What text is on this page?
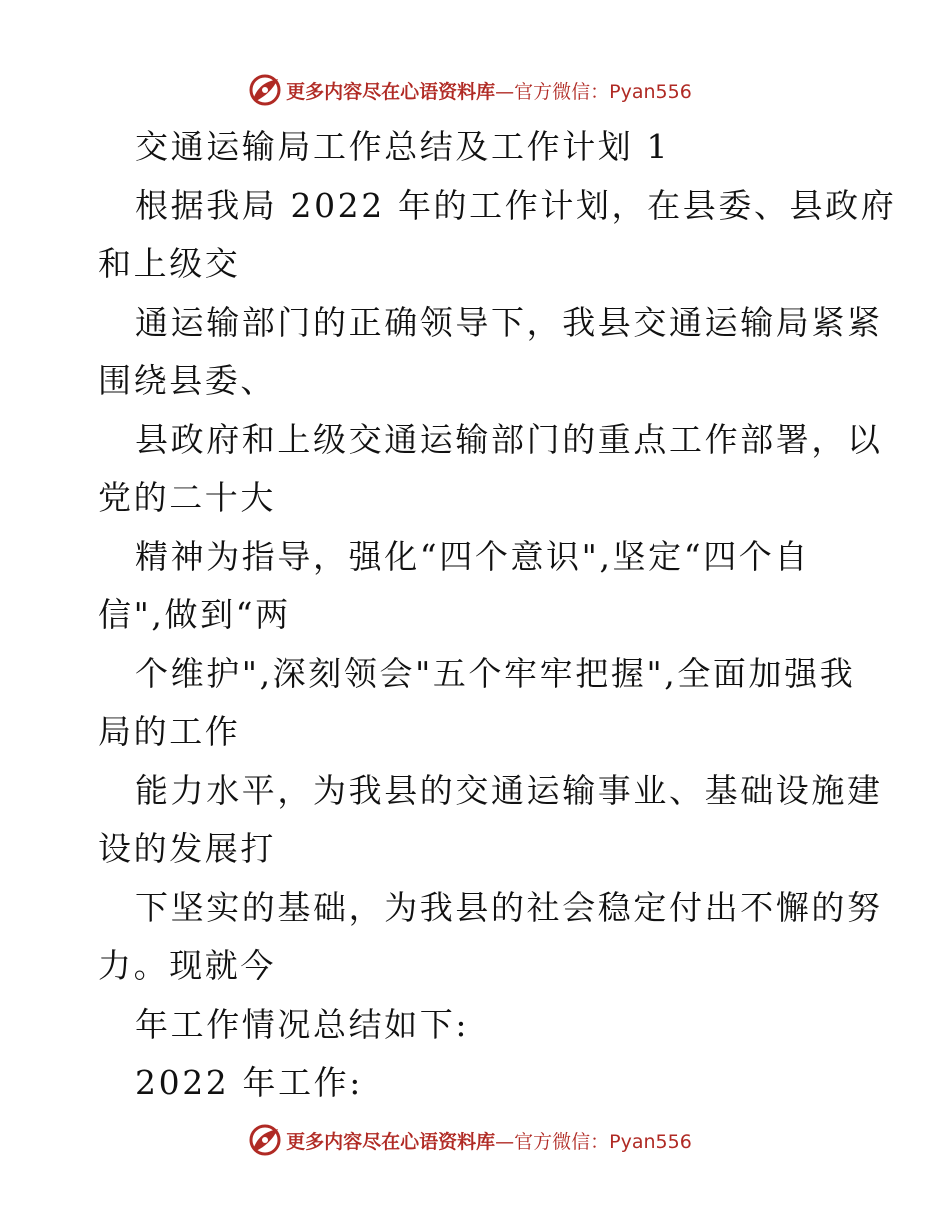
更多内容尽在心语资料库 —官方微信：Pyan556
交通运输局工作总结及工作计划 1
根据我局 2022 年的工作计划，在县委、县政府
和上级交
通运输部门的正确领导下，我县交通运输局紧紧
围绕县委、
县政府和上级交通运输部门的重点工作部署，以
党的二十大
精神为指导，强化“四个意识",坚定“四个自
信",做到“两
个维护",深刻领会"五个牢牢把握",全面加强我
局的工作
能力水平，为我县的交通运输事业、基础设施建
设的发展打
下坚实的基础，为我县的社会稳定付出不懈的努
力。现就今
年工作情况总结如下:
2022 年工作:
更多内容尽在心语资料库 —官方微信：Pyan556
